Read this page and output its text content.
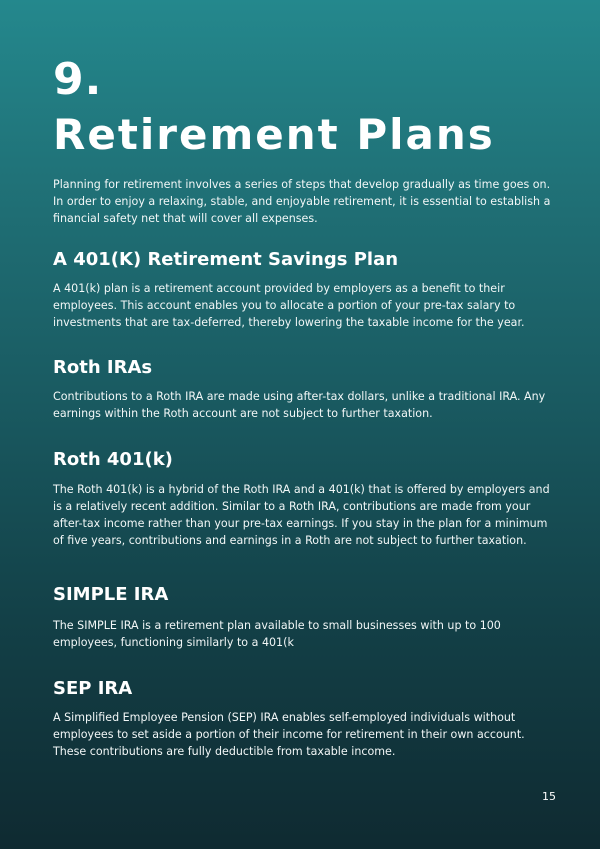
9.
Retirement Plans

Planning for retirement involves a series of steps that develop gradually as time goes on. In order to enjoy a relaxing, stable, and enjoyable retirement, it is essential to establish a financial safety net that will cover all expenses.

A 401(K) Retirement Savings Plan

A 401(k) plan is a retirement account provided by employers as a benefit to their employees. This account enables you to allocate a portion of your pre-tax salary to investments that are tax-deferred, thereby lowering the taxable income for the year.

Roth IRAs

Contributions to a Roth IRA are made using after-tax dollars, unlike a traditional IRA. Any earnings within the Roth account are not subject to further taxation.

Roth 401(k)

The Roth 401(k) is a hybrid of the Roth IRA and a 401(k) that is offered by employers and is a relatively recent addition. Similar to a Roth IRA, contributions are made from your after-tax income rather than your pre-tax earnings. If you stay in the plan for a minimum of five years, contributions and earnings in a Roth are not subject to further taxation.

SIMPLE IRA

The SIMPLE IRA is a retirement plan available to small businesses with up to 100 employees, functioning similarly to a 401(k

SEP IRA

A Simplified Employee Pension (SEP) IRA enables self-employed individuals without employees to set aside a portion of their income for retirement in their own account. These contributions are fully deductible from taxable income.

15
